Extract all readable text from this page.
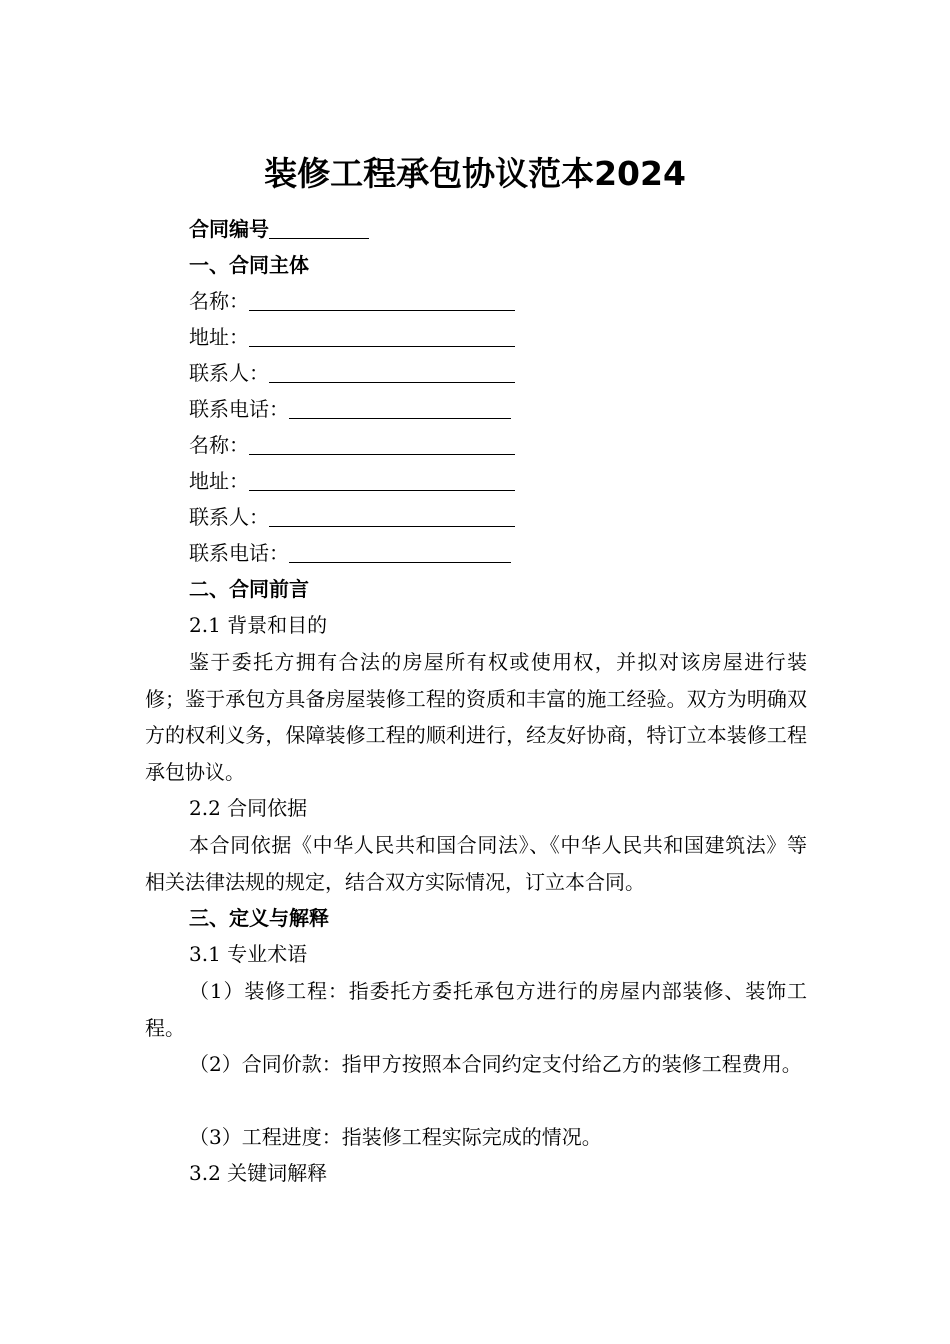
装修工程承包协议范本2024

合同编号

一、合同主体

名称：

地址：

联系人：

联系电话：

名称：

地址：

联系人：

联系电话：

二、合同前言

2.1 背景和目的

鉴于委托方拥有合法的房屋所有权或使用权，并拟对该房屋进行装修；鉴于承包方具备房屋装修工程的资质和丰富的施工经验。双方为明确双方的权利义务，保障装修工程的顺利进行，经友好协商，特订立本装修工程承包协议。

2.2 合同依据

本合同依据《中华人民共和国合同法》、《中华人民共和国建筑法》等相关法律法规的规定，结合双方实际情况，订立本合同。

三、定义与解释

3.1 专业术语

（1）装修工程：指委托方委托承包方进行的房屋内部装修、装饰工程。

（2）合同价款：指甲方按照本合同约定支付给乙方的装修工程费用。

（3）工程进度：指装修工程实际完成的情况。

3.2 关键词解释
